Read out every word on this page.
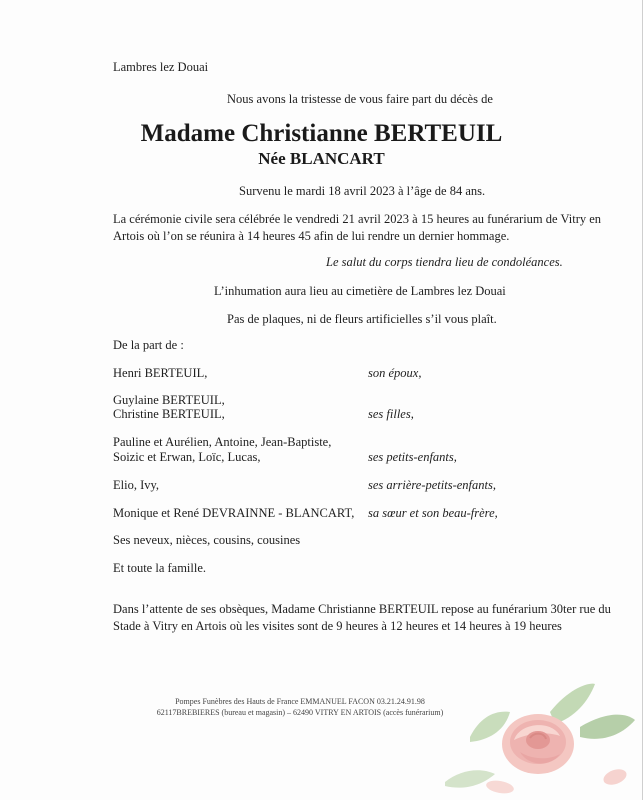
Lambres lez Douai
Nous avons la tristesse de vous faire part du décès de
Madame Christianne BERTEUIL
Née BLANCART
Survenu le mardi 18 avril 2023 à l’âge de 84 ans.
La cérémonie civile sera célébrée le vendredi 21 avril 2023 à 15 heures au funérarium de Vitry en Artois où l’on se réunira à 14 heures 45 afin de lui rendre un dernier hommage.
Le salut du corps tiendra lieu de condoléances.
L’inhumation aura lieu au cimetière de Lambres lez Douai
Pas de plaques, ni de fleurs artificielles s’il vous plaît.
De la part de :
Henri BERTEUIL,	son époux,
Guylaine BERTEUIL,
Christine BERTEUIL,	ses filles,
Pauline et Aurélien, Antoine, Jean-Baptiste,
Soizic et Erwan, Loïc, Lucas,	ses petits-enfants,
Elio, Ivy,	ses arrière-petits-enfants,
Monique et René DEVRAINNE - BLANCART, sa sœur et son beau-frère,
Ses neveux, nièces, cousins, cousines
Et toute la famille.
Dans l’attente de ses obsèques, Madame Christianne BERTEUIL repose au funérarium 30ter rue du Stade à Vitry en Artois où les visites sont de 9 heures à 12 heures et 14 heures à 19 heures
Pompes Funèbres des Hauts de France EMMANUEL FACON 03.21.24.91.98
62117BREBIERES (bureau et magasin) – 62490 VITRY EN ARTOIS (accès funérarium)
